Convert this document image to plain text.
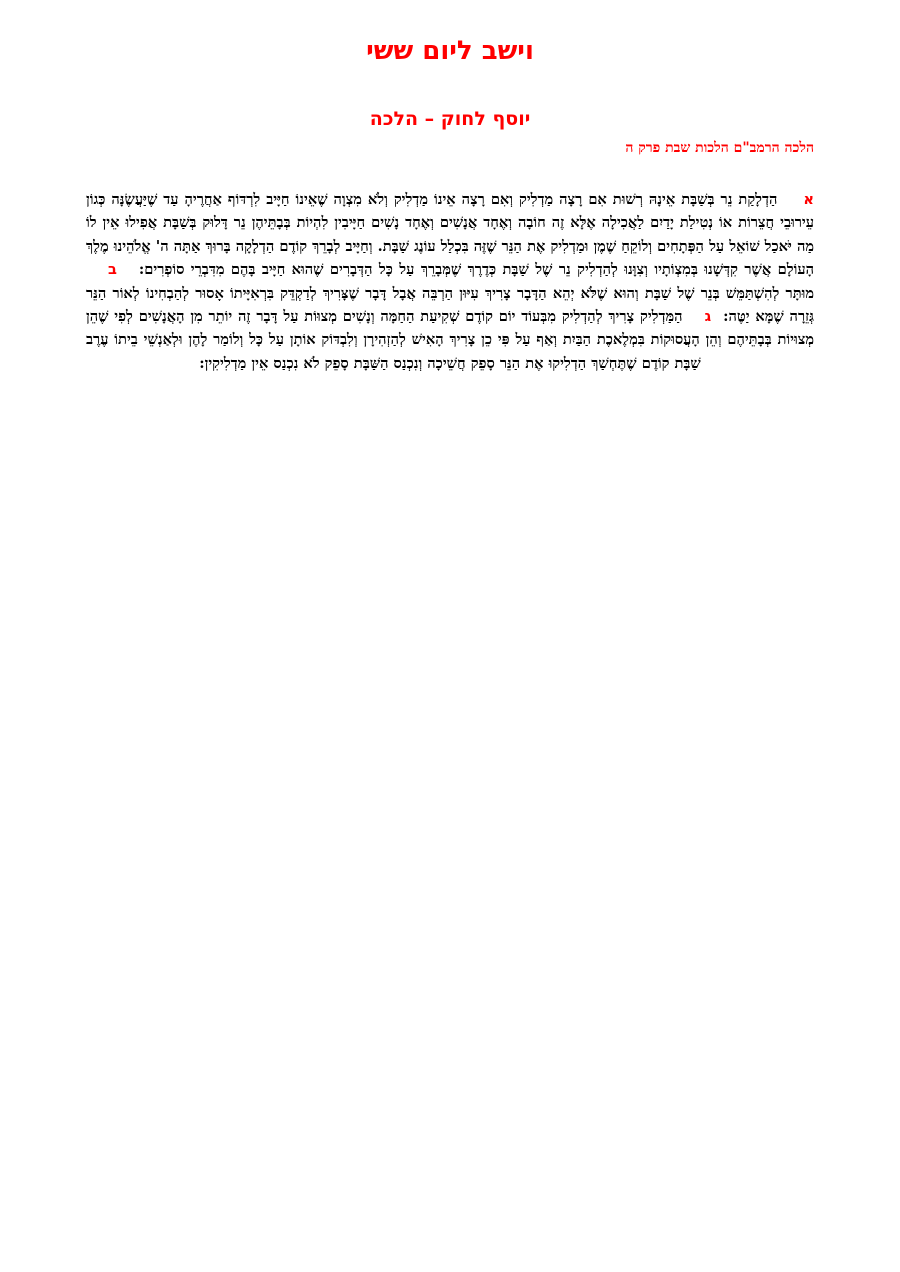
וישב ליום ששי
יוסף לחוק – הלכה
הלכה הרמב"ם הלכות שבת פרק ה

אהַדְלָקַת נֵר בְּשַׁבָּת אֵינָהּ רְשׁוּת אִם רָצָה מַדְלִיק וְאִם רָצָה אֵינוֹ מַדְלִיק וְלֹא מִצְוָה שֶׁאֵינוֹ חַיָּיב לִרְדּוֹף אַחֲרֶיהָ עַד שֶׁיַּעֲשֶׂנָּה כְּגוֹן עֵירוּבֵי חֲצֵרוֹת אוֹ נְטִילַת יָדַיִם לַאֲכִילָה אֶלָּא זֶה חוֹבָה וְאֶחָד אֲנָשִׁים וְאֶחָד נָשִׁים חַיָּיבִין לִהְיוֹת בְּבָתֵּיהֶן נֵר דָּלוּק בְּשַׁבָּת אֲפִילוּ אֵין לוֹ מַה יֹּאכַל שׁוֹאֵל עַל הַפְּתָחִים וְלוֹקֵחַ שֶׁמֶן וּמַדְלִיק אֶת הַנֵּר שֶׁזֶּה בִּכְלַל עוֹנֶג שַׁבָּת. וְחַיָּיב לְבָרֵךְ קוֹדֶם הַדְלָקָה בָּרוּךְ אַתָּה ה' אֱלֹהֵינוּ מֶלֶךְ הָעוֹלָם אֲשֶׁר קִדְּשָׁנוּ בְּמִצְוֹתָיו וְצִוָּנוּ לְהַדְלִיק נֵר שֶׁל שַׁבָּת כְּדֶרֶךְ שֶׁמְּבָרֵךְ עַל כָּל הַדְּבָרִים שֶׁהוּא חַיָּיב בָּהֶם מִדִּבְרֵי סוֹפְרִים:במוּתָּר לְהִשְׁתַּמֵּשׁ בְּנֵר שֶׁל שַׁבָּת וְהוּא שֶׁלֹּא יְהֵא הַדָּבָר צָרִיךְ עִיּוּן הַרְבֵּה אֲבָל דָּבָר שֶׁצָּרִיךְ לְדַקְדֵּק בִּרְאִיָּיתוֹ אָסוּר לְהַבְחִינוֹ לְאוֹר הַנֵּר גְּזֵרָה שֶׁמָּא יַטֶּה:גהַמַּדְלִיק צָרִיךְ לְהַדְלִיק מִבְּעוֹד יוֹם קוֹדֶם שְׁקִיעַת הַחַמָּה וְנָשִׁים מְצוּוֹת עַל דָּבָר זֶה יוֹתֵר מִן הָאֲנָשִׁים לְפִי שֶׁהֵן מְצוּיוֹת בְּבָתֵּיהֶם וְהֵן הָעֲסוּקוֹת בִּמְלֶאכֶת הַבַּיִת וְאַף עַל פִּי כֵן צָרִיךְ הָאִישׁ לְהַזְהִירָן וְלִבְדּוֹק אוֹתָן עַל כָּל וְלוֹמַר לָהֶן וּלְאַנְשֵׁי בֵיתוֹ עֶרֶב שַׁבָּת קוֹדֶם שֶׁתֶּחְשַׁךְ הַדְלִיקוּ אֶת הַנֵּר סָפֵק חֲשֵׁיכָה וְנִכְנַס הַשַּׁבָּת סָפֵק לֹא נִכְנַס אֵין מַדְלִיקִין:
